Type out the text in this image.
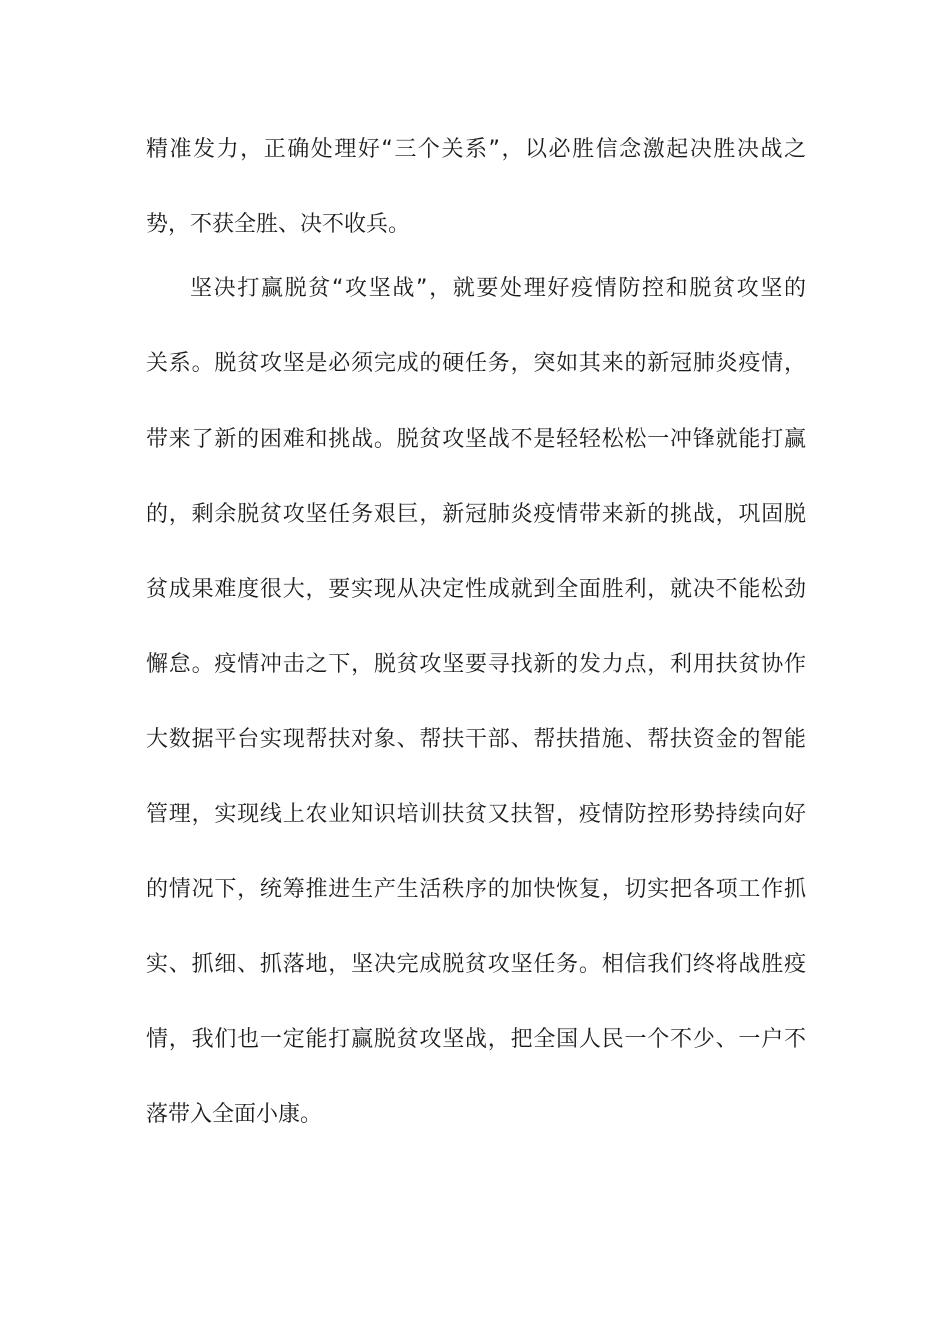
精准发力，正确处理好“三个关系”，以必胜信念激起决胜决战之
势，不获全胜、决不收兵。
坚决打赢脱贫“攻坚战”，就要处理好疫情防控和脱贫攻坚的
关系。脱贫攻坚是必须完成的硬任务，突如其来的新冠肺炎疫情，
带来了新的困难和挑战。脱贫攻坚战不是轻轻松松一冲锋就能打赢
的，剩余脱贫攻坚任务艰巨，新冠肺炎疫情带来新的挑战，巩固脱
贫成果难度很大，要实现从决定性成就到全面胜利，就决不能松劲
懈怠。疫情冲击之下，脱贫攻坚要寻找新的发力点，利用扶贫协作
大数据平台实现帮扶对象、帮扶干部、帮扶措施、帮扶资金的智能
管理，实现线上农业知识培训扶贫又扶智，疫情防控形势持续向好
的情况下，统筹推进生产生活秩序的加快恢复，切实把各项工作抓
实、抓细、抓落地，坚决完成脱贫攻坚任务。相信我们终将战胜疫
情，我们也一定能打赢脱贫攻坚战，把全国人民一个不少、一户不
落带入全面小康。
